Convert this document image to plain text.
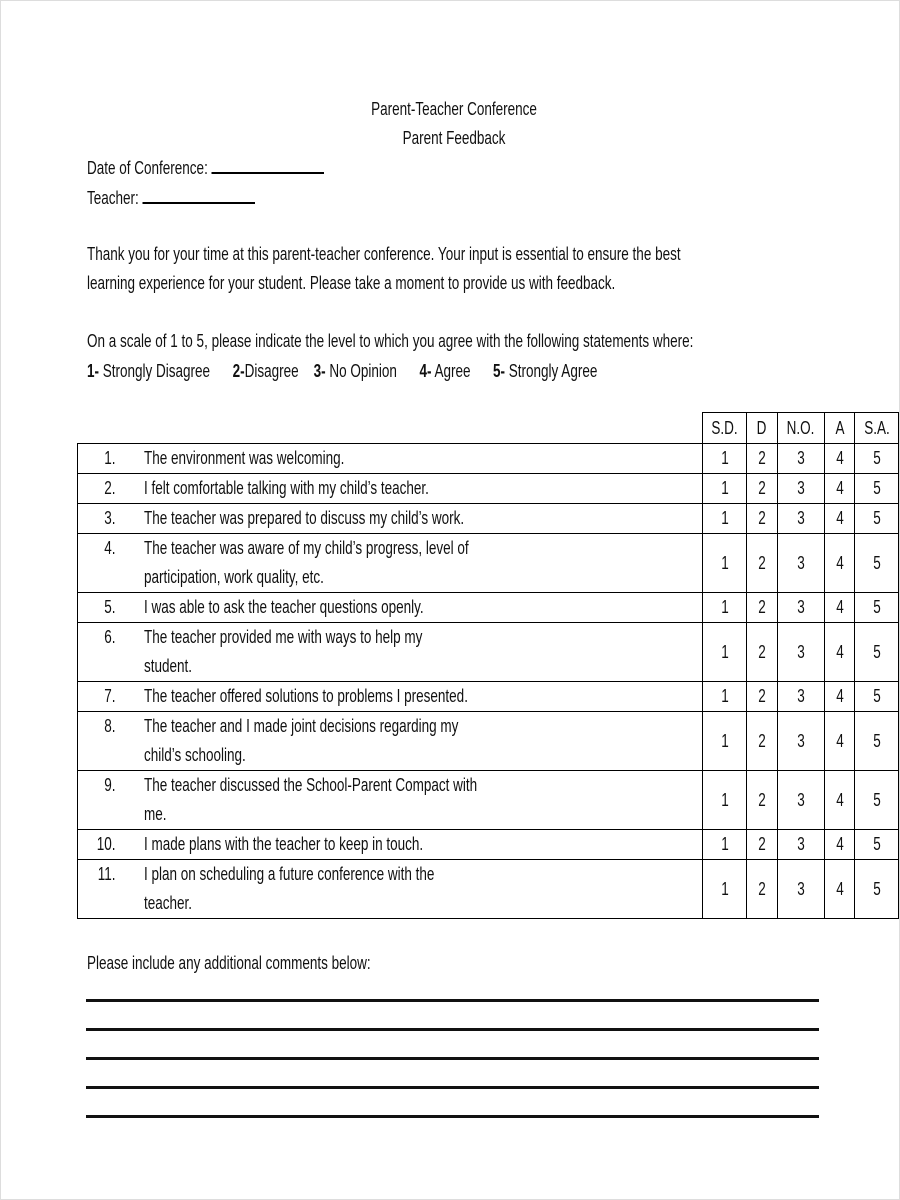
Parent-Teacher Conference
Parent Feedback
Date of Conference:
Teacher:
Thank you for your time at this parent-teacher conference. Your input is essential to ensure the best
learning experience for your student. Please take a moment to provide us with feedback.
On a scale of 1 to 5, please indicate the level to which you agree with the following statements where:
1- Strongly Disagree 2-Disagree 3- No Opinion 4- Agree 5- Strongly Agree
	S.D.	D	N.O.	A	S.A.

1. The environment was welcoming.	1	2	3	4	5

2. I felt comfortable talking with my child’s teacher.	1	2	3	4	5

3. The teacher was prepared to discuss my child’s work.	1	2	3	4	5

4. The teacher was aware of my child’s progress, level of
participation, work quality, etc.	1	2	3	4	5

5. I was able to ask the teacher questions openly.	1	2	3	4	5

6. The teacher provided me with ways to help my
student.	1	2	3	4	5

7. The teacher offered solutions to problems I presented.	1	2	3	4	5

8. The teacher and I made joint decisions regarding my
child’s schooling.	1	2	3	4	5

9. The teacher discussed the School-Parent Compact with
me.	1	2	3	4	5

10. I made plans with the teacher to keep in touch.	1	2	3	4	5

11. I plan on scheduling a future conference with the
teacher.	1	2	3	4	5
Please include any additional comments below:
